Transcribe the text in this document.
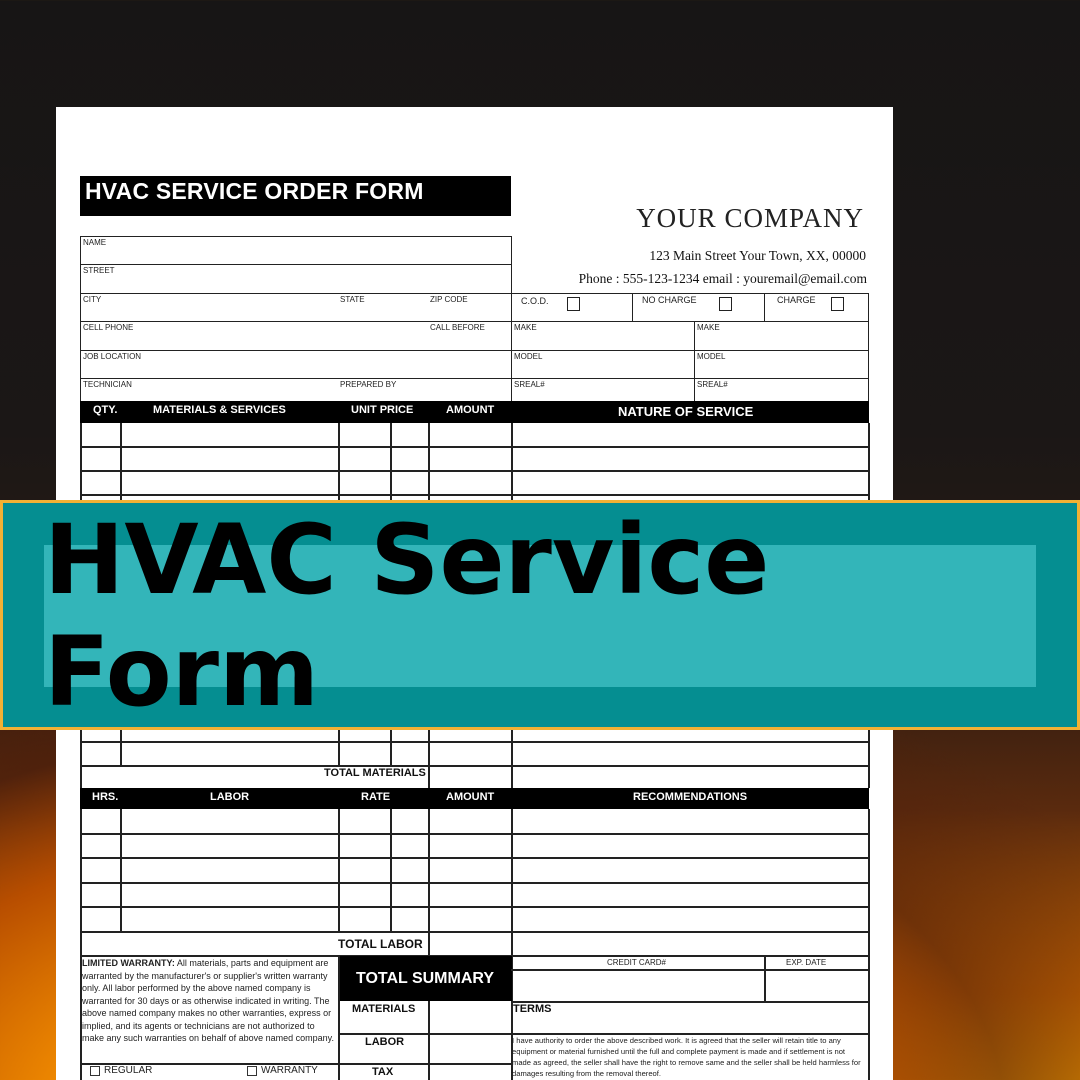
HVAC SERVICE ORDER FORM
YOUR COMPANY
123 Main Street Your Town, XX, 00000
Phone : 555-123-1234 email : youremail@email.com
NAME
STREET
CITY	STATE	ZIP CODE
CELL PHONE	CALL BEFORE
JOB LOCATION
TECHNICIAN	PREPARED BY
C.O.D.	NO CHARGE	CHARGE
MAKE	MAKE
MODEL	MODEL
SREAL#	SREAL#
QTY.	MATERIALS & SERVICES	UNIT PRICE	AMOUNT	NATURE OF SERVICE
TOTAL MATERIALS
HRS.	LABOR	RATE	AMOUNT	RECOMMENDATIONS
TOTAL LABOR
LIMITED WARRANTY: All materials, parts and equipment are warranted by the manufacturer's or supplier's written warranty only. All labor performed by the above named company is warranted for 30 days or as otherwise indicated in writing. The above named company makes no other warranties, express or implied, and its agents or technicians are not authorized to make any such warranties on behalf of above named company.
REGULAR	WARRANTY
TOTAL SUMMARY
MATERIALS
LABOR
TAX
CREDIT CARD#	EXP. DATE
TERMS
I have authority to order the above described work. It is agreed that the seller will retain title to any equipment or material furnished until the full and complete payment is made and if settlement is not made as agreed, the seller shall have the right to remove same and the seller shall be held harmless for damages resulting from the removal thereof.
HVAC Service Form
